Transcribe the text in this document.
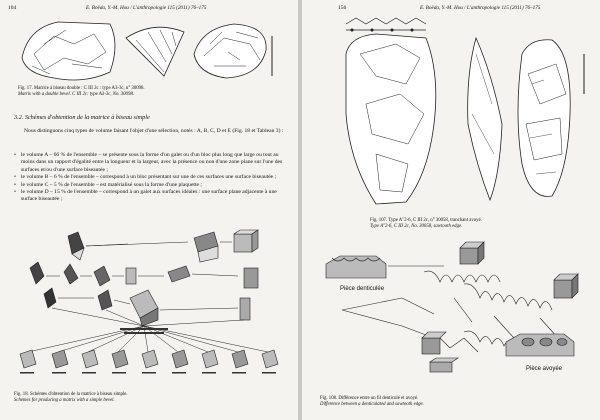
104	E. Boëda, Y.-M. Hou / L'anthropologie 115 (2011) 76–175
Fig. 17. Matrice à biseau double : C III 2c : type A3-3c, n° 30098.
Matrix with a double bevel. C III 2c: type A3-3c, No. 30098.
3.2. Schémes d'obtention de la matrice à biseau simple
Nous distinguons cinq types de volume faisant l'objet d'une sélection, notés : A, B, C, D et E (Fig. 18 et Tableau 3) :
• le volume A – 66 % de l'ensemble – se présente sous la forme d'un galet ou d'un bloc plus long que large ou tout au moins dans un rapport d'égalité entre la longueur et la largeur, avec la présence ou non d'une zone plane sur l'une des surfaces et/ou d'une surface biseautée ;
• le volume B – 6 % de l'ensemble – correspond à un bloc présentant sur une de ces surfaces une surface biseautée ;
• le volume C – 5 % de l'ensemble – est matérialisé sous la forme d'une plaquette ;
• le volume D – 15 % de l'ensemble – correspond à un galet aux surfaces idéales : une surface plane adjacente à une surface biseautée ;
Fig. 18. Schémes d'obtention de la matrice à biseau simple.
Schemes for producing a matrix with a simple bevel.
156	E. Boëda, Y.-M. Hou / L'anthropologie 115 (2011) 76–175
Fig. 107. Type A"2-6, C III 2c, n° 30058, tranchant avoyé.
Type A"2-6, C III 2c, No. 30058, sawtooth edge.
Pièce denticulée
Pièce avoyée
Fig. 108. Différence entre un fil denticulé et avoyé.
Difference between a denticulated and sawtooth edge.
